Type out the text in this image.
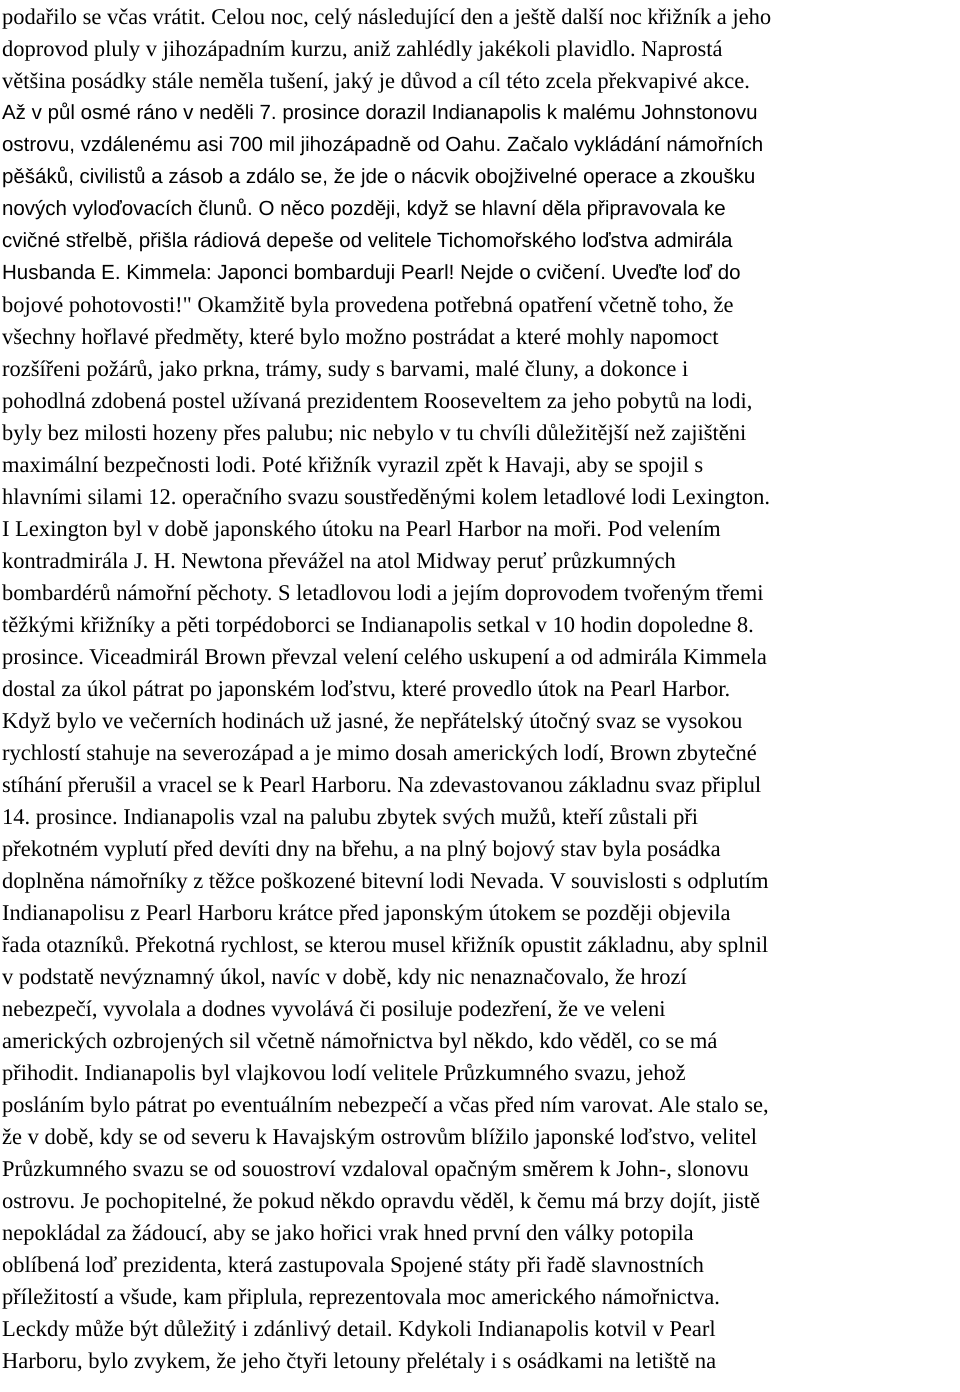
podařilo se včas vrátit. Celou noc, celý následující den a ještě další noc křižník a jeho
doprovod pluly v jihozápadním kurzu, aniž zahlédly jakékoli plavidlo. Naprostá
většina posádky stále neměla tušení, jaký je důvod a cíl této zcela překvapivé akce.
Až v půl osmé ráno v neděli 7. prosince dorazil Indianapolis k malému Johnstonovu
ostrovu, vzdálenému asi 700 mil jihozápadně od Oahu. Začalo vykládání námořních
pěšáků, civilistů a zásob a zdálo se, že jde o nácvik obojživelné operace a zkoušku
nových vyloďovacích člunů. O něco později, když se hlavní děla připravovala ke
cvičné střelbě, přišla rádiová depeše od velitele Tichomořského loďstva admirála
Husbanda E. Kimmela: Japonci bombarduji Pearl! Nejde o cvičení. Uveďte loď do
bojové pohotovosti!" Okamžitě byla provedena potřebná opatření včetně toho, že
všechny hořlavé předměty, které bylo možno postrádat a které mohly napomoct
rozšířeni požárů, jako prkna, trámy, sudy s barvami, malé čluny, a dokonce i
pohodlná zdobená postel užívaná prezidentem Rooseveltem za jeho pobytů na lodi,
byly bez milosti hozeny přes palubu; nic nebylo v tu chvíli důležitější než zajištěni
maximální bezpečnosti lodi. Poté křižník vyrazil zpět k Havaji, aby se spojil s
hlavními silami 12. operačního svazu soustředěnými kolem letadlové lodi Lexington.
I Lexington byl v době japonského útoku na Pearl Harbor na moři. Pod velením
kontradmirála J. H. Newtona převážel na atol Midway peruť průzkumných
bombardérů námořní pěchoty. S letadlovou lodi a jejím doprovodem tvořeným třemi
těžkými křižníky a pěti torpédoborci se Indianapolis setkal v 10 hodin dopoledne 8.
prosince. Viceadmirál Brown převzal velení celého uskupení a od admirála Kimmela
dostal za úkol pátrat po japonském loďstvu, které provedlo útok na Pearl Harbor.
Když bylo ve večerních hodinách už jasné, že nepřátelský útočný svaz se vysokou
rychlostí stahuje na severozápad a je mimo dosah amerických lodí, Brown zbytečné
stíhání přerušil a vracel se k Pearl Harboru. Na zdevastovanou základnu svaz připlul
14. prosince. Indianapolis vzal na palubu zbytek svých mužů, kteří zůstali při
překotném vyplutí před devíti dny na břehu, a na plný bojový stav byla posádka
doplněna námořníky z těžce poškozené bitevní lodi Nevada. V souvislosti s odplutím
Indianapolisu z Pearl Harboru krátce před japonským útokem se později objevila
řada otazníků. Překotná rychlost, se kterou musel křižník opustit základnu, aby splnil
v podstatě nevýznamný úkol, navíc v době, kdy nic nenaznačovalo, že hrozí
nebezpečí, vyvolala a dodnes vyvolává či posiluje podezření, že ve veleni
amerických ozbrojených sil včetně námořnictva byl někdo, kdo věděl, co se má
přihodit. Indianapolis byl vlajkovou lodí velitele Průzkumného svazu, jehož
posláním bylo pátrat po eventuálním nebezpečí a včas před ním varovat. Ale stalo se,
že v době, kdy se od severu k Havajským ostrovům blížilo japonské loďstvo, velitel
Průzkumného svazu se od souostroví vzdaloval opačným směrem k John-, slonovu
ostrovu. Je pochopitelné, že pokud někdo opravdu věděl, k čemu má brzy dojít, jistě
nepokládal za žádoucí, aby se jako hořici vrak hned první den války potopila
oblíbená loď prezidenta, která zastupovala Spojené státy při řadě slavnostních
příležitostí a všude, kam připlula, reprezentovala moc amerického námořnictva.
Leckdy může být důležitý i zdánlivý detail. Kdykoli Indianapolis kotvil v Pearl
Harboru, bylo zvykem, že jeho čtyři letouny přelétaly i s osádkami na letiště na
